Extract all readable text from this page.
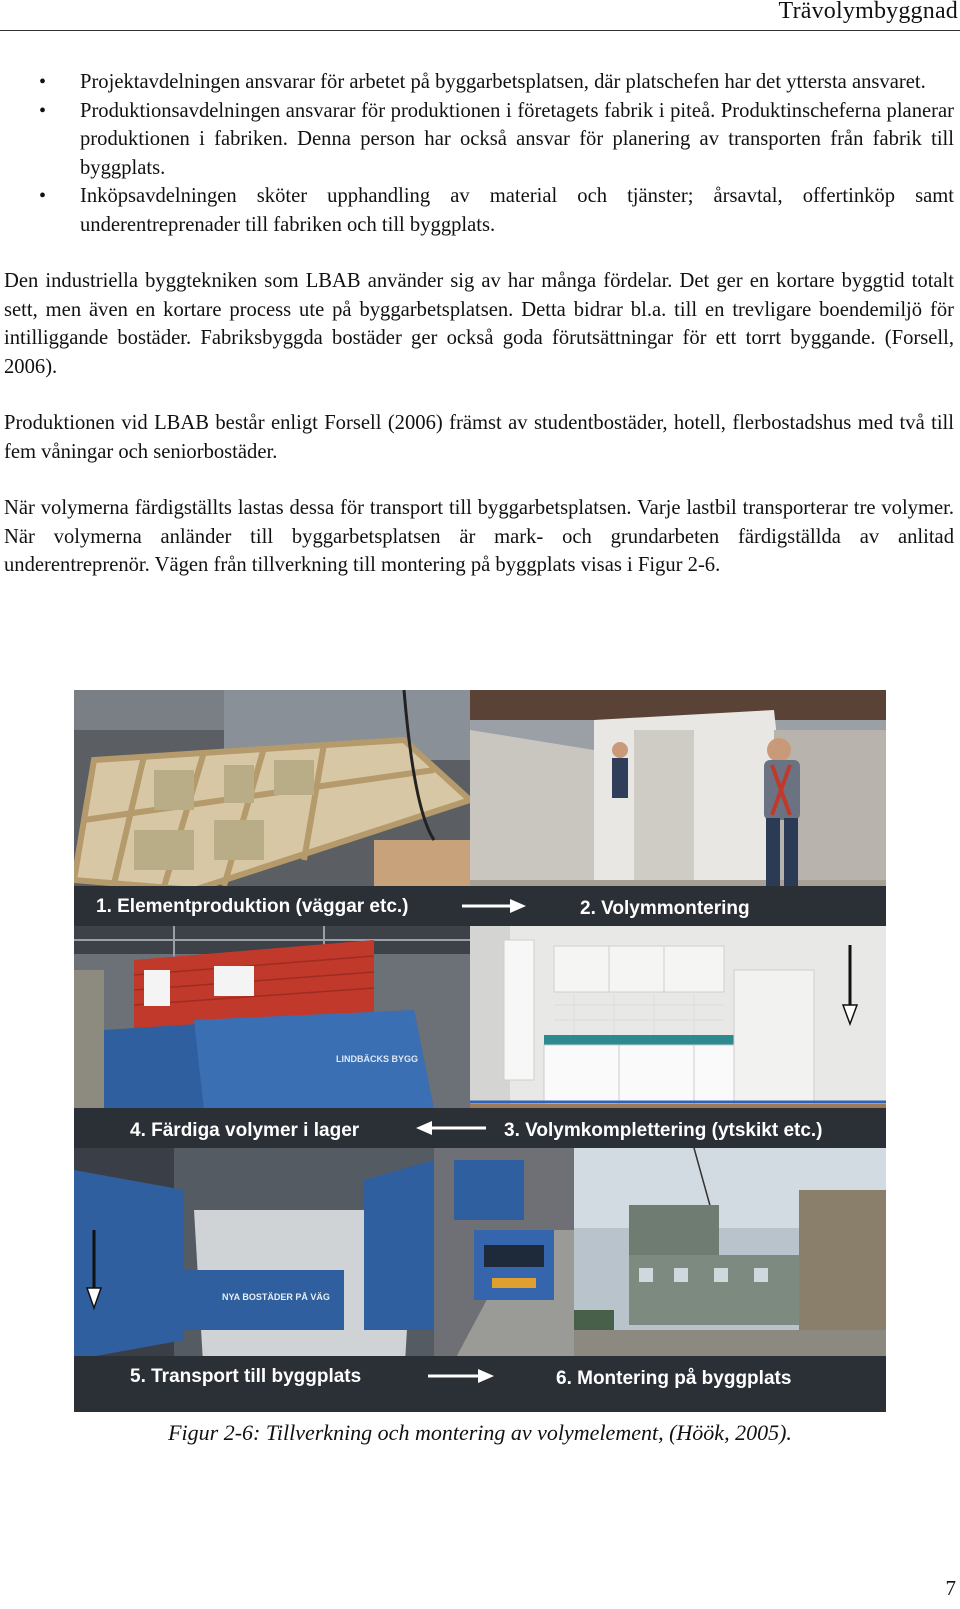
Trävolymbyggnad
• Projektavdelningen ansvarar för arbetet på byggarbetsplatsen, där platschefen har det yttersta ansvaret.
• Produktionsavdelningen ansvarar för produktionen i företagets fabrik i piteå. Produktinscheferna planerar produktionen i fabriken. Denna person har också ansvar för planering av transporten från fabrik till byggplats.
• Inköpsavdelningen sköter upphandling av material och tjänster; årsavtal, offertinköp samt underentreprenader till fabriken och till byggplats.

Den industriella byggtekniken som LBAB använder sig av har många fördelar. Det ger en kortare byggtid totalt sett, men även en kortare process ute på byggarbetsplatsen. Detta bidrar bl.a. till en trevligare boendemiljö för intilliggande bostäder. Fabriksbyggda bostäder ger också goda förutsättningar för ett torrt byggande. (Forsell, 2006).

Produktionen vid LBAB består enligt Forsell (2006) främst av studentbostäder, hotell, flerbostadshus med två till fem våningar och seniorbostäder.

När volymerna färdigställts lastas dessa för transport till byggarbetsplatsen. Varje lastbil transporterar tre volymer. När volymerna anländer till byggarbetsplatsen är mark- och grundarbeten färdigställda av anlitad underentreprenör. Vägen från tillverkning till montering på byggplats visas i Figur 2-6.

1. Elementproduktion (väggar etc.)	2. Volymmontering
LINDBÄCKS BYGG
4. Färdiga volymer i lager	3. Volymkomplettering (ytskikt etc.)
NYA BOSTÄDER PÅ VÄG
5. Transport till byggplats	6. Montering på byggplats
Figur 2-6: Tillverkning och montering av volymelement, (Höök, 2005).
7
